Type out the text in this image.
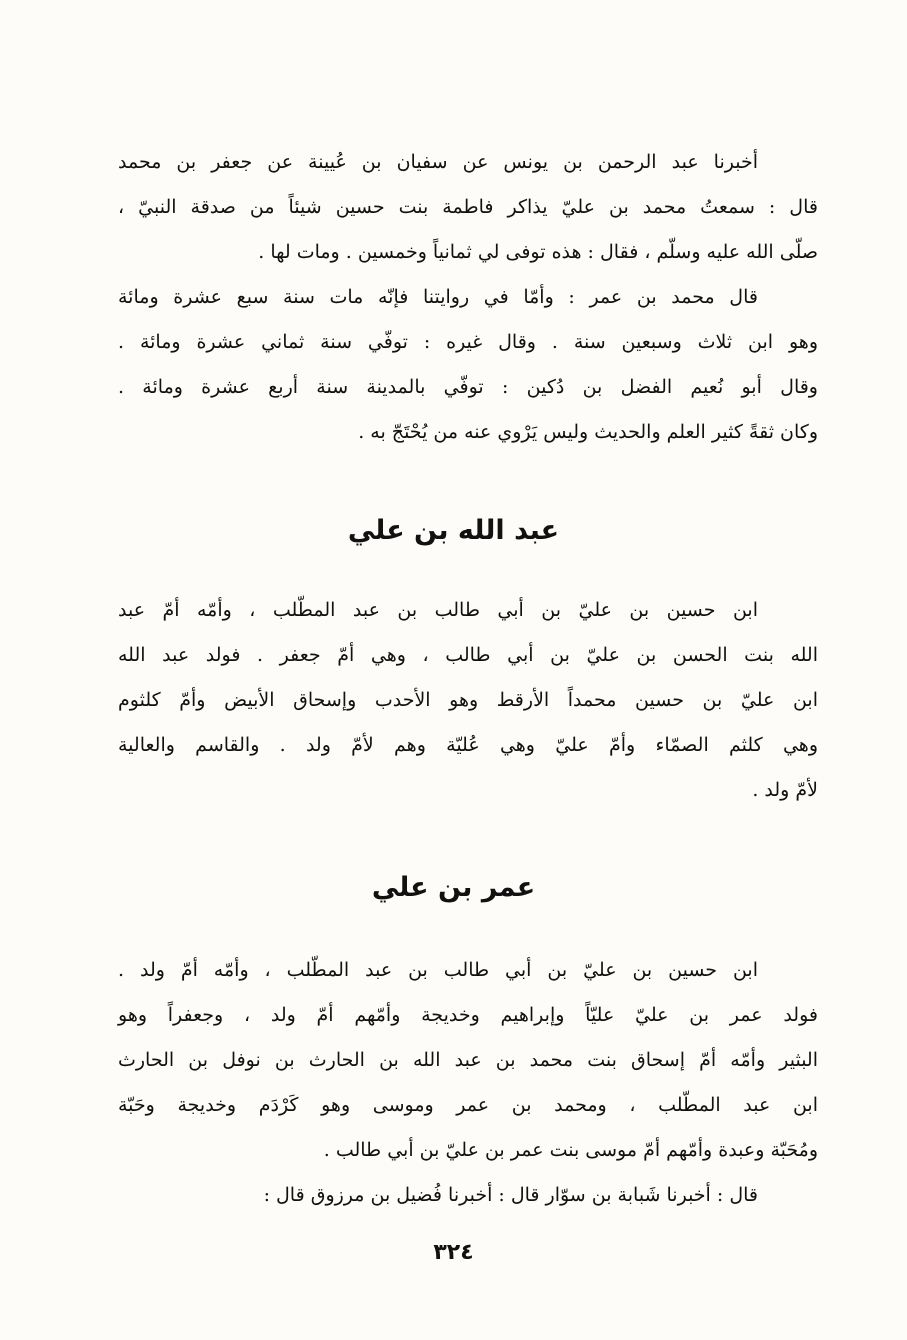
أخبرنا عبد الرحمن بن يونس عن سفيان بن عُيينة عن جعفر بن محمد
قال : سمعتُ محمد بن عليّ يذاكر فاطمة بنت حسين شيئاً من صدقة النبيّ ،
صلّى الله عليه وسلّم ، فقال : هذه توفى لي ثمانياً وخمسين . ومات لها .
قال محمد بن عمر : وأمّا في روايتنا فإنّه مات سنة سبع عشرة ومائة
وهو ابن ثلاث وسبعين سنة . وقال غيره : توفّي سنة ثماني عشرة ومائة .
وقال أبو نُعيم الفضل بن دُكين : توفّي بالمدينة سنة أربع عشرة ومائة .
وكان ثقةً كثير العلم والحديث وليس يَرْوي عنه من يُحْتَجّ به .
عبد الله بن علي
ابن حسين بن عليّ بن أبي طالب بن عبد المطّلب ، وأمّه أمّ عبد
الله بنت الحسن بن عليّ بن أبي طالب ، وهي أمّ جعفر . فولد عبد الله
ابن عليّ بن حسين محمداً الأرقط وهو الأحدب وإسحاق الأبيض وأمّ كلثوم
وهي كلثم الصمّاء وأمّ عليّ وهي عُليّة وهم لأمّ ولد . والقاسم والعالية
لأمّ ولد .
عمر بن علي
ابن حسين بن عليّ بن أبي طالب بن عبد المطّلب ، وأمّه أمّ ولد .
فولد عمر بن عليّ عليّاً وإبراهيم وخديجة وأمّهم أمّ ولد ، وجعفراً وهو
البثير وأمّه أمّ إسحاق بنت محمد بن عبد الله بن الحارث بن نوفل بن الحارث
ابن عبد المطّلب ، ومحمد بن عمر وموسى وهو كَرْدَم وخديجة وحَبّة
ومُحَبّة وعبدة وأمّهم أمّ موسى بنت عمر بن عليّ بن أبي طالب .
قال : أخبرنا شَبابة بن سوّار قال : أخبرنا فُضيل بن مرزوق قال :
٣٢٤
